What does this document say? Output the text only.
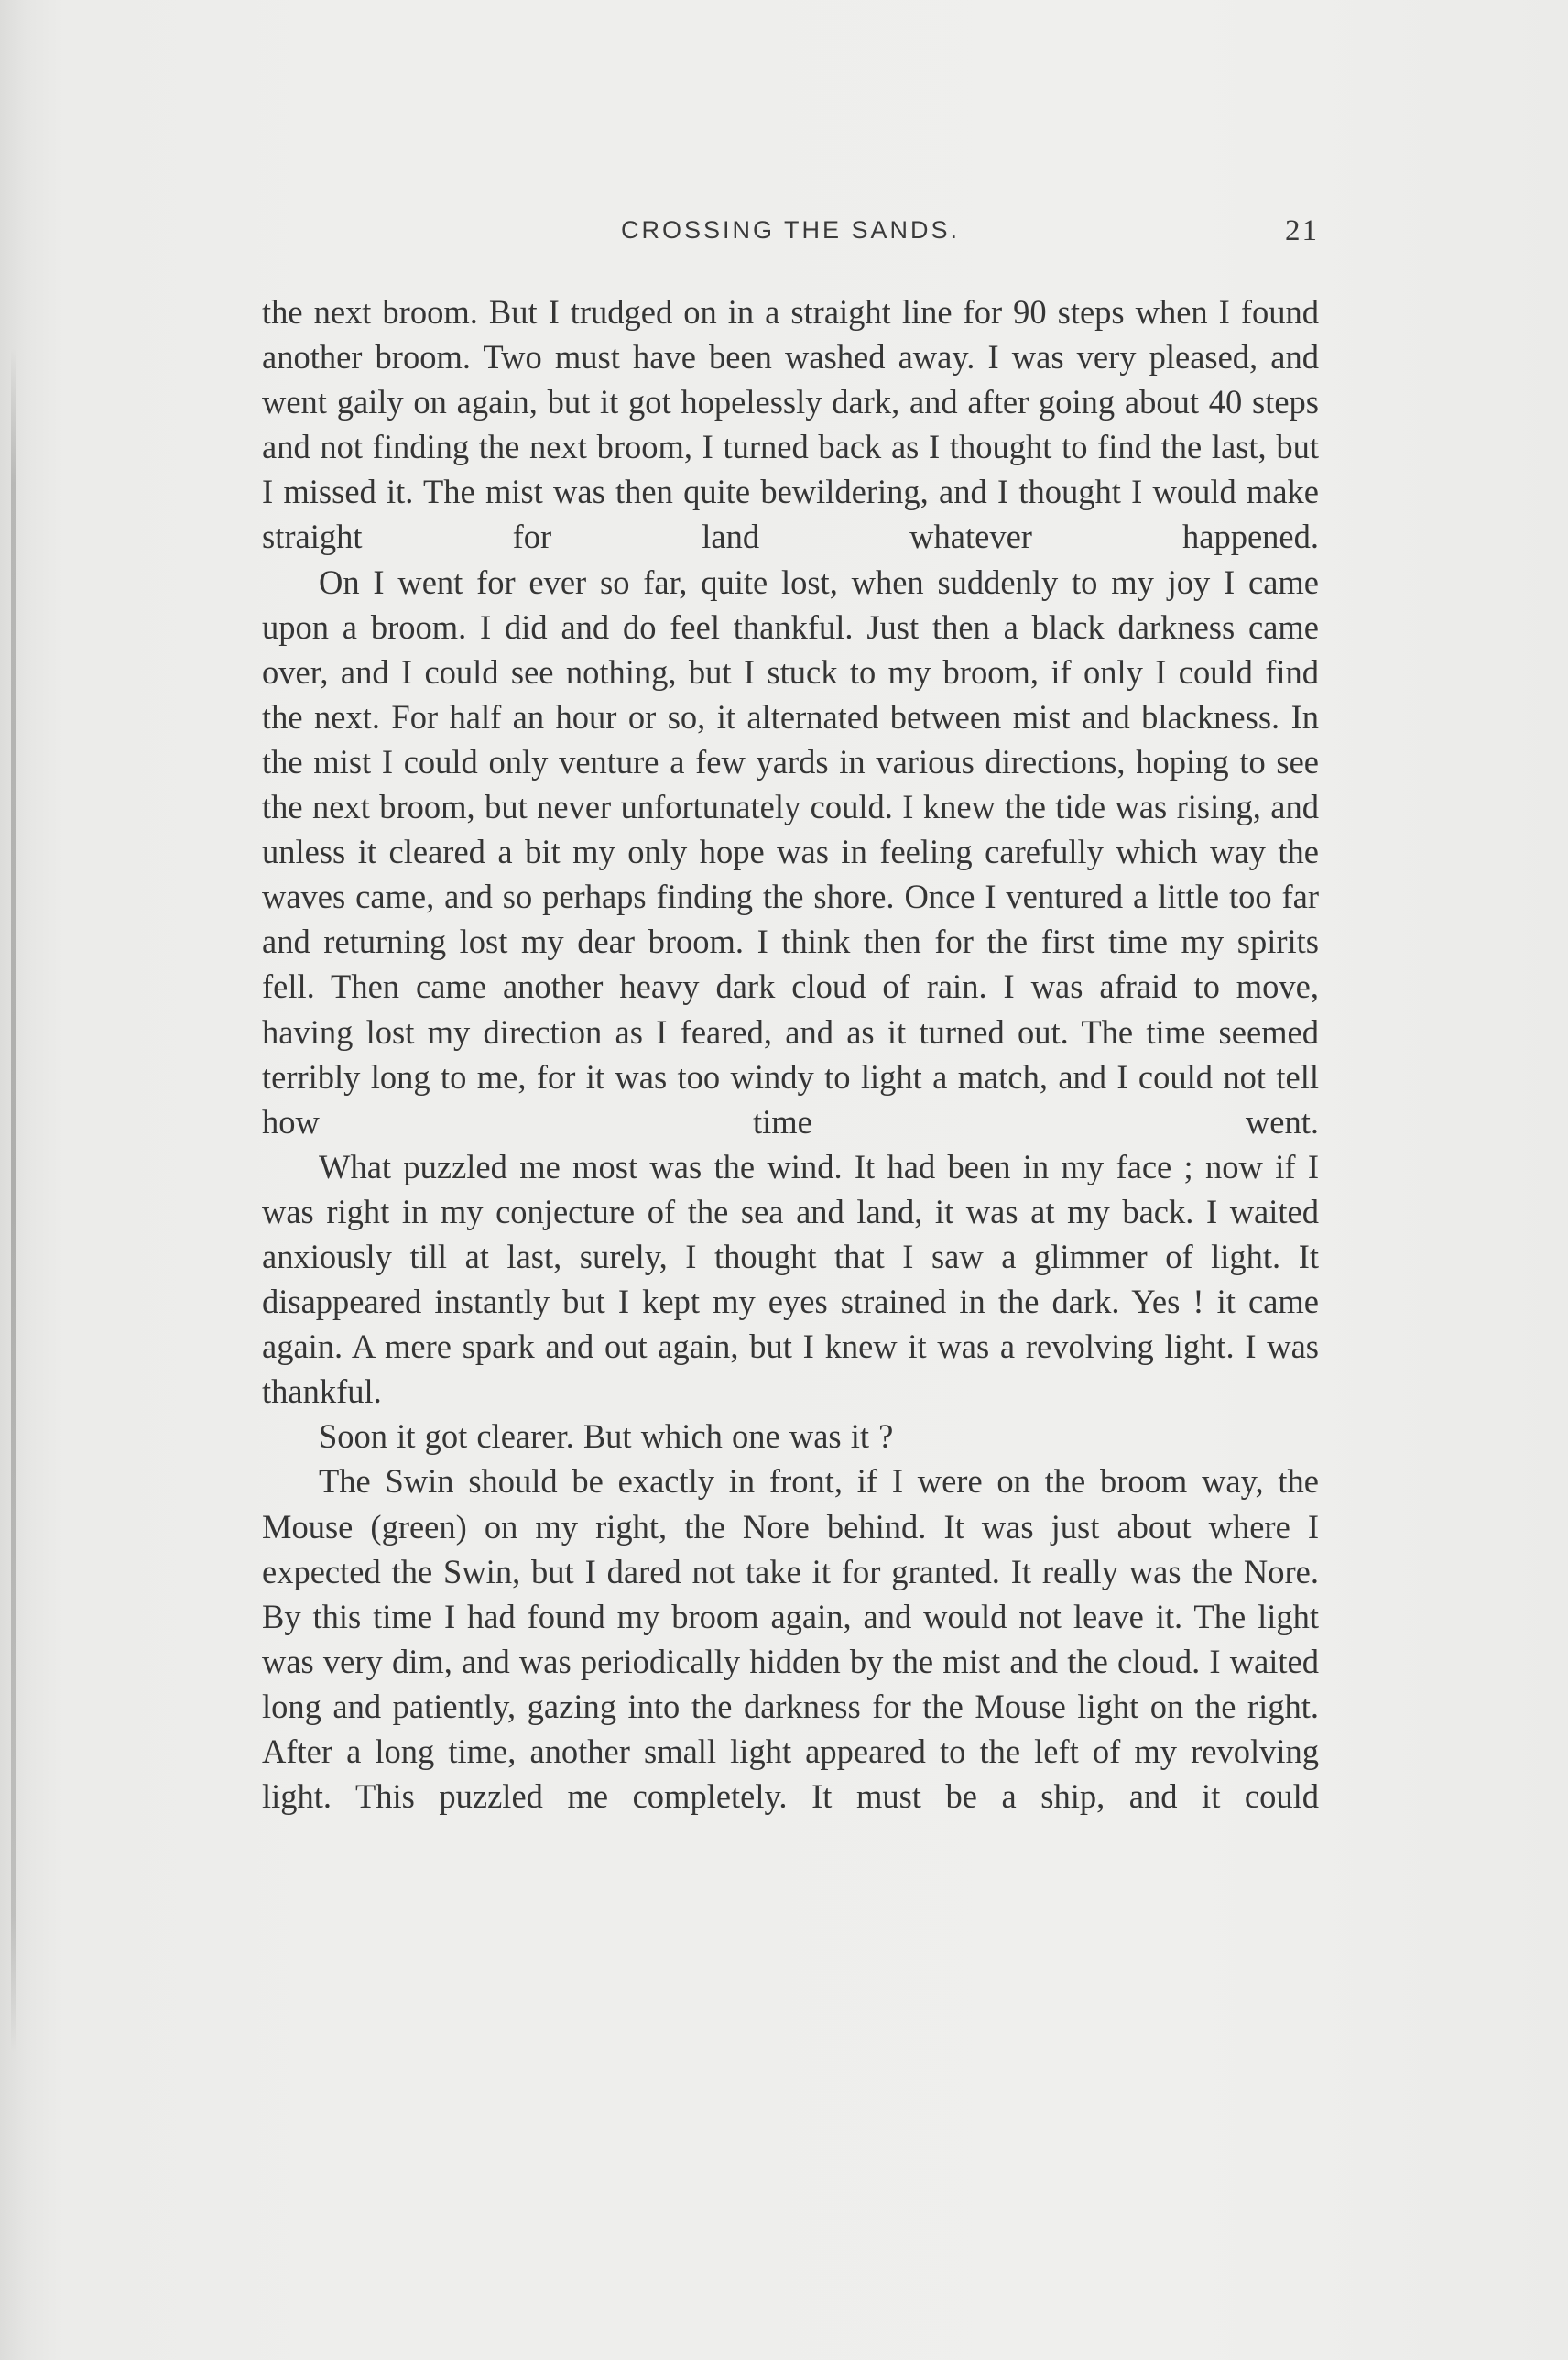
CROSSING THE SANDS.	21

the next broom. But I trudged on in a straight line for 90 steps when I found another broom. Two must have been washed away. I was very pleased, and went gaily on again, but it got hopelessly dark, and after going about 40 steps and not finding the next broom, I turned back as I thought to find the last, but I missed it. The mist was then quite bewildering, and I thought I would make straight for land whatever happened.

On I went for ever so far, quite lost, when suddenly to my joy I came upon a broom. I did and do feel thankful. Just then a black darkness came over, and I could see nothing, but I stuck to my broom, if only I could find the next. For half an hour or so, it alternated between mist and blackness. In the mist I could only venture a few yards in various directions, hoping to see the next broom, but never unfortunately could. I knew the tide was rising, and unless it cleared a bit my only hope was in feeling carefully which way the waves came, and so perhaps finding the shore. Once I ventured a little too far and returning lost my dear broom. I think then for the first time my spirits fell. Then came another heavy dark cloud of rain. I was afraid to move, having lost my direction as I feared, and as it turned out. The time seemed terribly long to me, for it was too windy to light a match, and I could not tell how time went.

What puzzled me most was the wind. It had been in my face ; now if I was right in my conjecture of the sea and land, it was at my back. I waited anxiously till at last, surely, I thought that I saw a glimmer of light. It disappeared instantly but I kept my eyes strained in the dark. Yes ! it came again. A mere spark and out again, but I knew it was a revolving light. I was thankful.

Soon it got clearer. But which one was it ?

The Swin should be exactly in front, if I were on the broom way, the Mouse (green) on my right, the Nore behind. It was just about where I expected the Swin, but I dared not take it for granted. It really was the Nore. By this time I had found my broom again, and would not leave it. The light was very dim, and was periodically hidden by the mist and the cloud. I waited long and patiently, gazing into the darkness for the Mouse light on the right. After a long time, another small light appeared to the left of my revolving light. This puzzled me completely. It must be a ship, and it could
